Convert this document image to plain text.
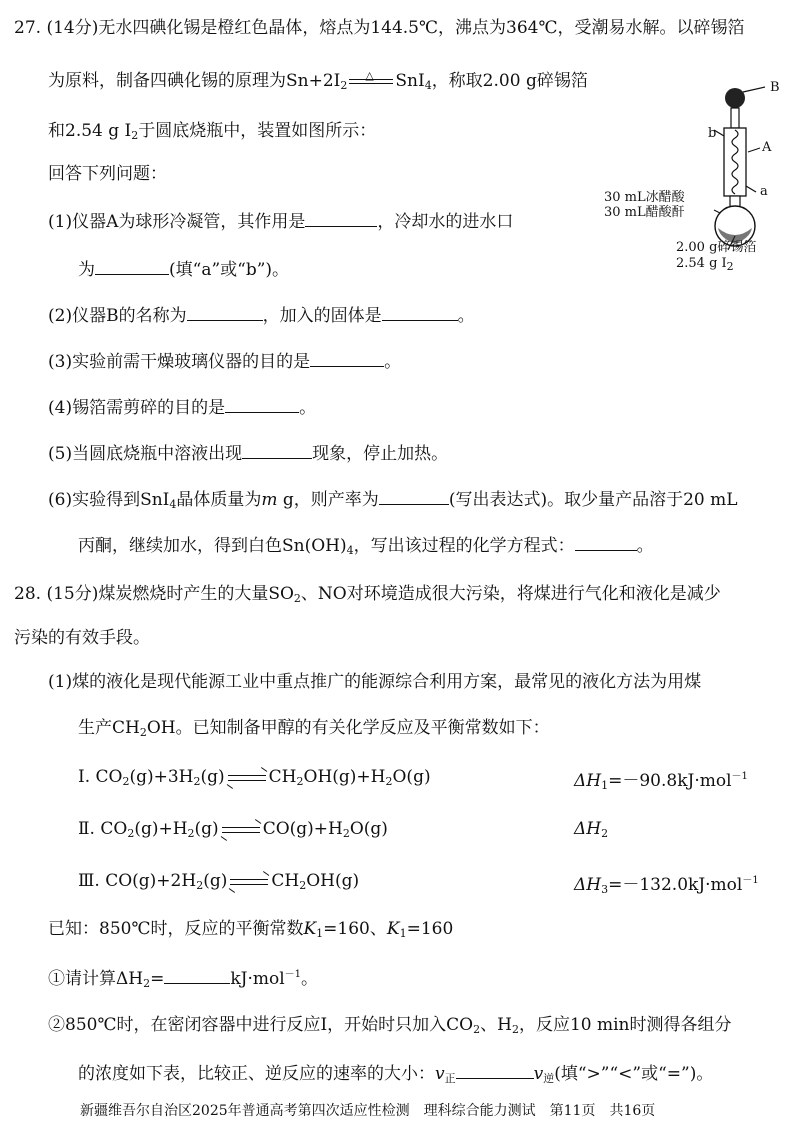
27. (14分)无水四碘化锡是橙红色晶体，熔点为144.5℃，沸点为364℃，受潮易水解。以碎锡箔
为原料，制备四碘化锡的原理为$Sn+2I_2$
△ SnI$_4$，称取2.00 g碎锡箔
和2.54 g $I_2$于圆底烧瓶中，装置如图所示：
回答下列问题：
(1)仪器A为球形冷凝管，其作用是	，冷却水的进水口
为	(填“a”或“b”)。
(2)仪器B的名称为	，加入的固体是	。
(3)实验前需干燥玻璃仪器的目的是	。
(4)锡箔需剪碎的目的是	。
(5)当圆底烧瓶中溶液出现	现象，停止加热。
(6)实验得到SnI$_4$晶体质量为m g，则产率为	(写出表达式)。取少量产品溶于20 mL
丙酮，继续加水，得到白色$Sn(OH)_4$，写出该过程的化学方程式：	。
B
b
A
a
30 mL冰醋酸
30 mL醋酸酐
2.00 g碎锡箔
2.54 g $I_2$
28. (15分)煤炭燃烧时产生的大量$SO_2$、NO对环境造成很大污染，将煤进行气化和液化是减少
污染的有效手段。
(1)煤的液化是现代能源工业中重点推广的能源综合利用方案，最常见的液化方法为用煤
生产$CH_2OH$。已知制备甲醇的有关化学反应及平衡常数如下：
Ⅰ. $CO_2(g)+3H_2(g)$	$CH_2OH(g)+H_2O(g)$	$\Delta H_1=-90.8kJ\cdot mol^{-1}$
Ⅱ. $CO_2(g)+H_2(g)$	$CO(g)+H_2O(g)$	$\Delta H_2$
Ⅲ. $CO(g)+2H_2(g)$	$CH_2OH(g)$	$\Delta H_3=-132.0kJ\cdot mol^{-1}$
已知：850℃时，反应的平衡常数$K_1=160$、$K_1=160$
①请计算$\Delta H_2=$	kJ·mol$^{-1}$。
②850℃时，在密闭容器中进行反应Ⅰ，开始时只加入$CO_2$、$H_2$，反应10 min时测得各组分
的浓度如下表，比较正、逆反应的速率的大小：$v_正$	$v_逆$(填“>”“<”或“=”)。
新疆维吾尔自治区2025年普通高考第四次适应性检测　理科综合能力测试　第11页　共16页
